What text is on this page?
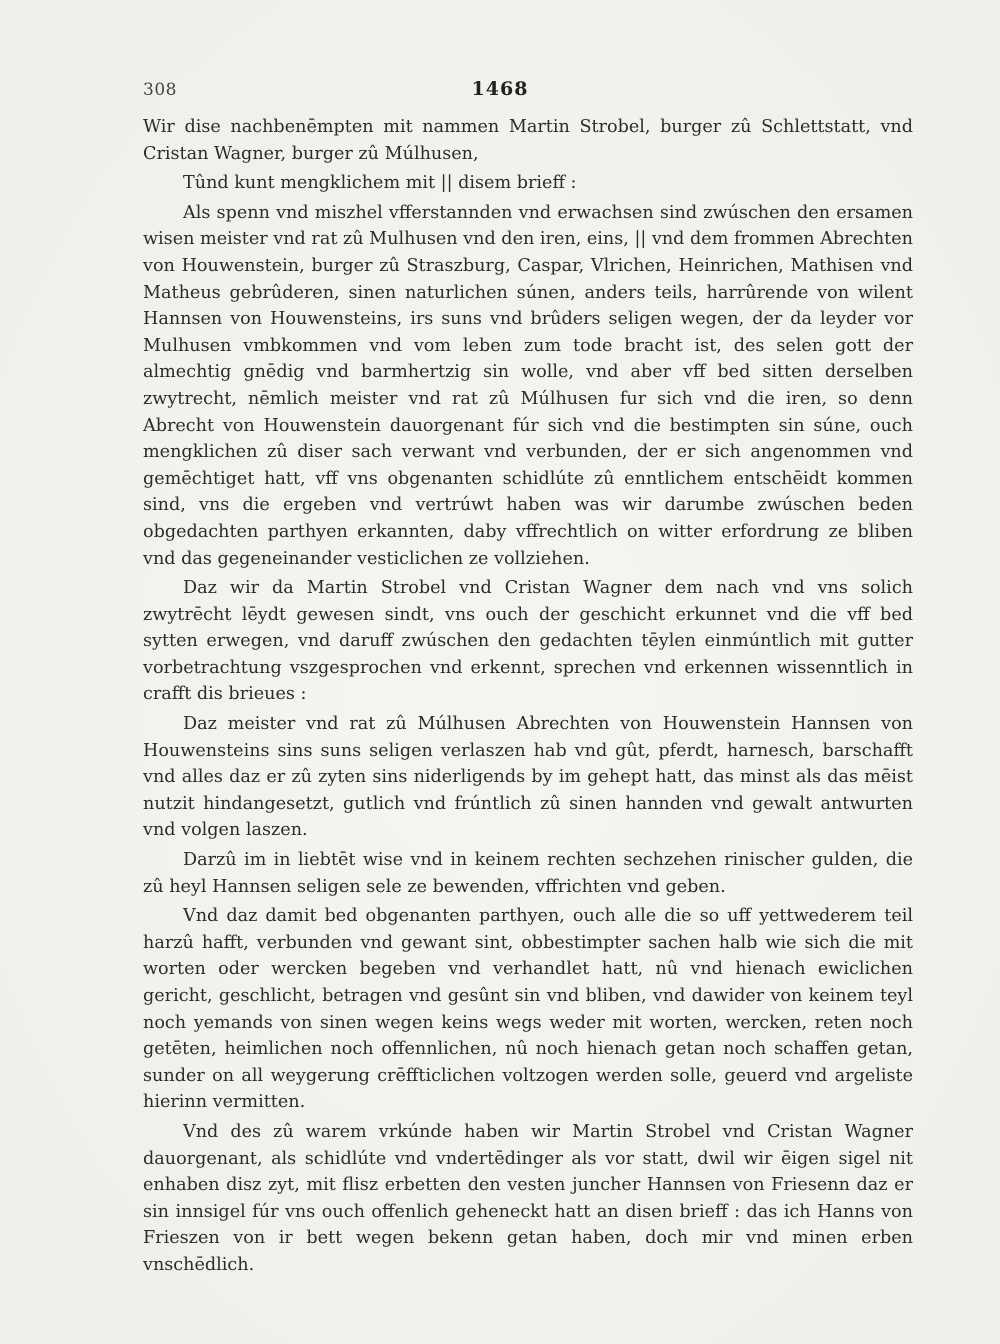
308	1468

Wir dise nachbenēmpten mit nammen Martin Strobel, burger zû Schlettstatt, vnd Cristan Wagner, burger zû Múlhusen,

Tûnd kunt mengklichem mit || disem brieff :

Als spenn vnd miszhel vfferstannden vnd erwachsen sind zwúschen den ersamen wisen meister vnd rat zû Mulhusen vnd den iren, eins, || vnd dem frommen Abrechten von Houwenstein, burger zû Straszburg, Caspar, Vlrichen, Heinrichen, Mathisen vnd Matheus gebrûderen, sinen naturlichen súnen, anders teils, harrûrende von wilent Hannsen von Houwensteins, irs suns vnd brûders seligen wegen, der da leyder vor Mulhusen vmbkommen vnd vom leben zum tode bracht ist, des selen gott der almechtig gnēdig vnd barmhertzig sin wolle, vnd aber vff bed sitten derselben zwytrecht, nēmlich meister vnd rat zû Múlhusen fur sich vnd die iren, so denn Abrecht von Houwenstein dauorgenant fúr sich vnd die bestimpten sin súne, ouch mengklichen zû diser sach verwant vnd verbunden, der er sich angenommen vnd gemēchtiget hatt, vff vns obgenanten schidlúte zû enntlichem entschēidt kommen sind, vns die ergeben vnd vertrúwt haben was wir darumbe zwúschen beden obgedachten parthyen erkannten, daby vffrechtlich on witter erfordrung ze bliben vnd das gegeneinander vesticlichen ze vollziehen.

Daz wir da Martin Strobel vnd Cristan Wagner dem nach vnd vns solich zwytrēcht lēydt gewesen sindt, vns ouch der geschicht erkunnet vnd die vff bed sytten erwegen, vnd daruff zwúschen den gedachten tēylen einmúntlich mit gutter vorbetrachtung vszgesprochen vnd erkennt, sprechen vnd erkennen wissenntlich in crafft dis brieues :

Daz meister vnd rat zû Múlhusen Abrechten von Houwenstein Hannsen von Houwensteins sins suns seligen verlaszen hab vnd gût, pferdt, harnesch, barschafft vnd alles daz er zû zyten sins niderligends by im gehept hatt, das minst als das mēist nutzit hindangesetzt, gutlich vnd frúntlich zû sinen hannden vnd gewalt antwurten vnd volgen laszen.

Darzû im in liebtēt wise vnd in keinem rechten sechzehen rinischer gulden, die zû heyl Hannsen seligen sele ze bewenden, vffrichten vnd geben.

Vnd daz damit bed obgenanten parthyen, ouch alle die so uff yettwederem teil harzû hafft, verbunden vnd gewant sint, obbestimpter sachen halb wie sich die mit worten oder wercken begeben vnd verhandlet hatt, nû vnd hienach ewiclichen gericht, geschlicht, betragen vnd gesûnt sin vnd bliben, vnd dawider von keinem teyl noch yemands von sinen wegen keins wegs weder mit worten, wercken, reten noch getēten, heimlichen noch offennlichen, nû noch hienach getan noch schaffen getan, sunder on all weygerung crēffticlichen voltzogen werden solle, geuerd vnd argeliste hierinn vermitten.

Vnd des zû warem vrkúnde haben wir Martin Strobel vnd Cristan Wagner dauorgenant, als schidlúte vnd vndertēdinger als vor statt, dwil wir ēigen sigel nit enhaben disz zyt, mit flisz erbetten den vesten juncher Hannsen von Friesenn daz er sin innsigel fúr vns ouch offenlich geheneckt hatt an disen brieff : das ich Hanns von Frieszen von ir bett wegen bekenn getan haben, doch mir vnd minen erben vnschēdlich.
